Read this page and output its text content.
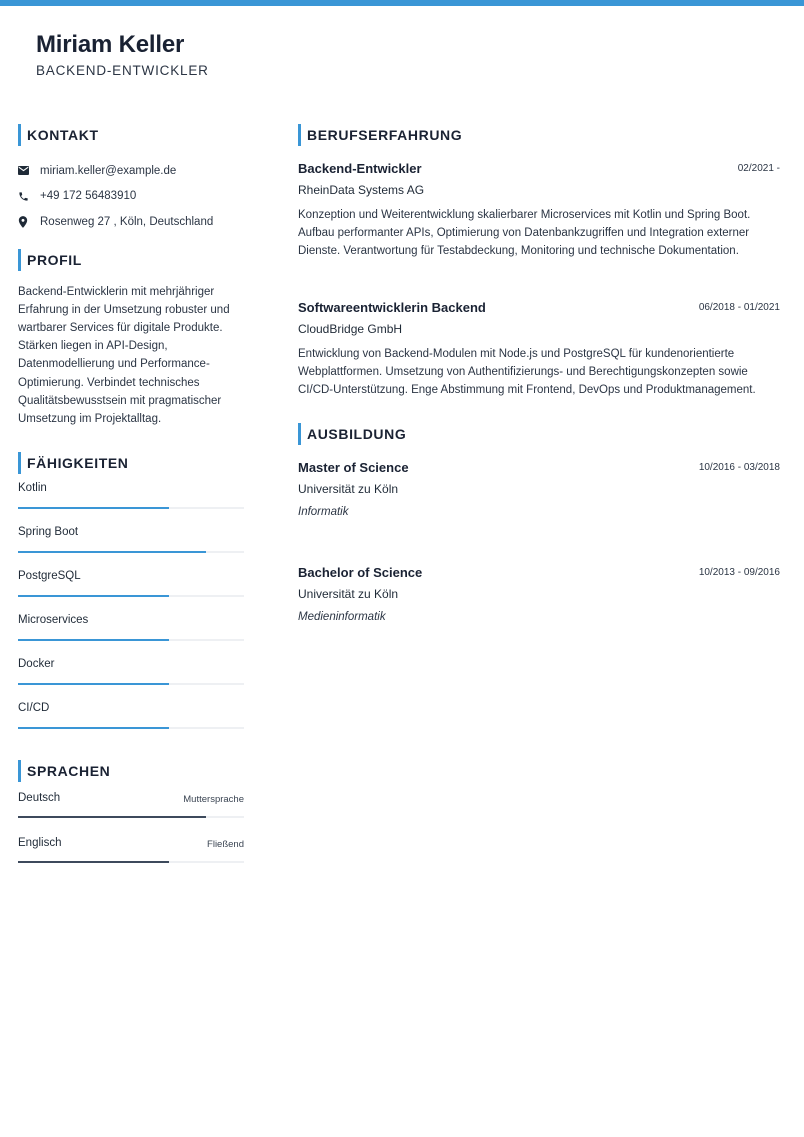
Miriam Keller
BACKEND-ENTWICKLER
KONTAKT
miriam.keller@example.de
+49 172 56483910
Rosenweg 27 , Köln, Deutschland
PROFIL
Backend-Entwicklerin mit mehrjähriger Erfahrung in der Umsetzung robuster und wartbarer Services für digitale Produkte. Stärken liegen in API-Design, Datenmodellierung und Performance-Optimierung. Verbindet technisches Qualitätsbewusstsein mit pragmatischer Umsetzung im Projektalltag.
FÄHIGKEITEN
Kotlin
Spring Boot
PostgreSQL
Microservices
Docker
CI/CD
SPRACHEN
Deutsch	Muttersprache
Englisch	Fließend
BERUFSERFAHRUNG
Backend-Entwickler	02/2021 -
RheinData Systems AG
Konzeption und Weiterentwicklung skalierbarer Microservices mit Kotlin und Spring Boot. Aufbau performanter APIs, Optimierung von Datenbankzugriffen und Integration externer Dienste. Verantwortung für Testabdeckung, Monitoring und technische Dokumentation.
Softwareentwicklerin Backend	06/2018 - 01/2021
CloudBridge GmbH
Entwicklung von Backend-Modulen mit Node.js und PostgreSQL für kundenorientierte Webplattformen. Umsetzung von Authentifizierungs- und Berechtigungskonzepten sowie CI/CD-Unterstützung. Enge Abstimmung mit Frontend, DevOps und Produktmanagement.
AUSBILDUNG
Master of Science	10/2016 - 03/2018
Universität zu Köln
Informatik
Bachelor of Science	10/2013 - 09/2016
Universität zu Köln
Medieninformatik
